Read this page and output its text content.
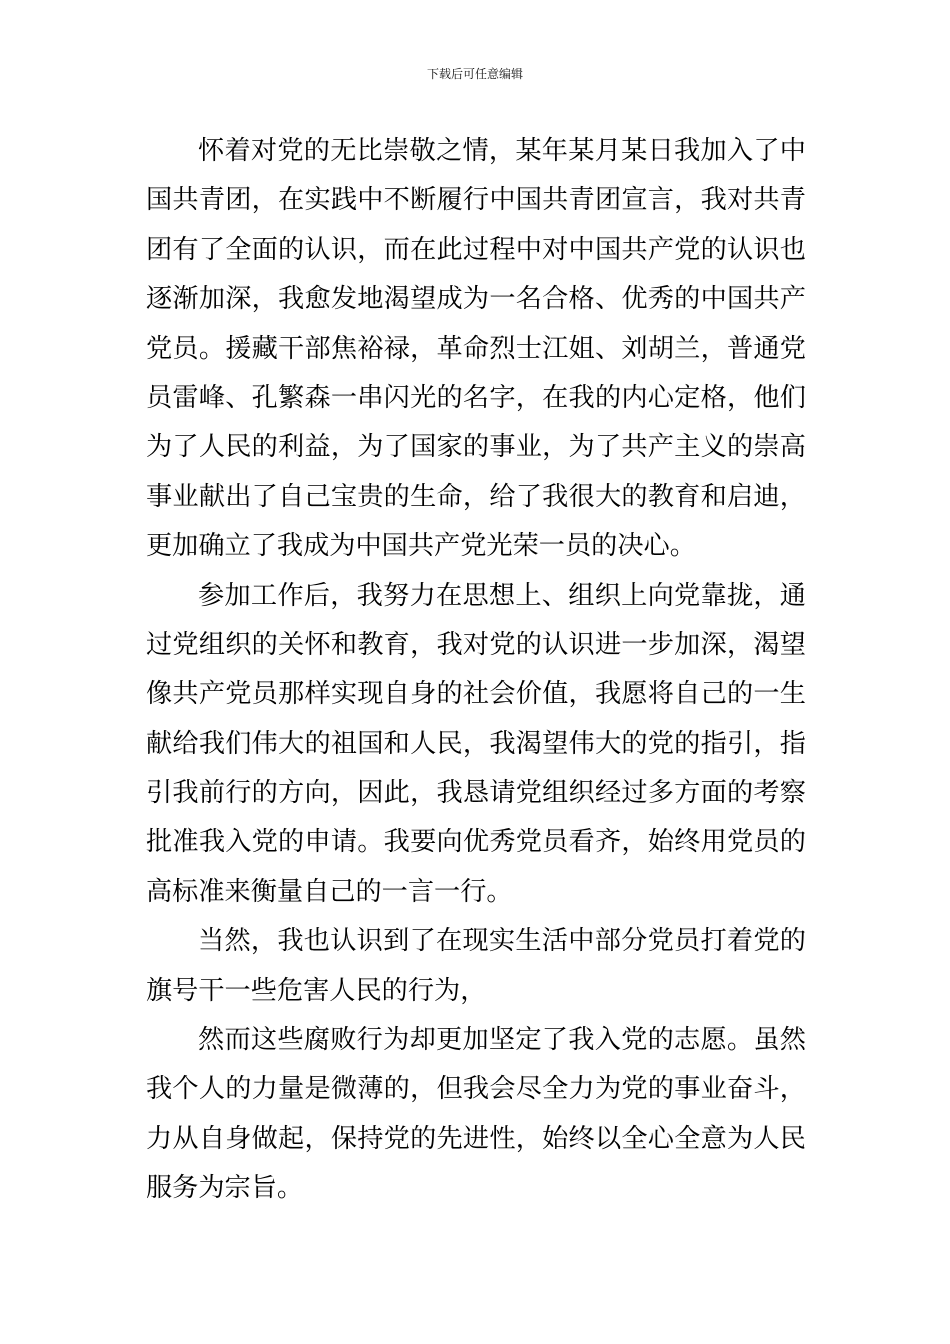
下载后可任意编辑
怀着对党的无比崇敬之情，某年某月某日我加入了中
国共青团，在实践中不断履行中国共青团宣言，我对共青
团有了全面的认识，而在此过程中对中国共产党的认识也
逐渐加深，我愈发地渴望成为一名合格、优秀的中国共产
党员。援藏干部焦裕禄，革命烈士江姐、刘胡兰，普通党
员雷峰、孔繁森一串闪光的名字，在我的内心定格，他们
为了人民的利益，为了国家的事业，为了共产主义的崇高
事业献出了自己宝贵的生命，给了我很大的教育和启迪，
更加确立了我成为中国共产党光荣一员的决心。
参加工作后，我努力在思想上、组织上向党靠拢，通
过党组织的关怀和教育，我对党的认识进一步加深，渴望
像共产党员那样实现自身的社会价值，我愿将自己的一生
献给我们伟大的祖国和人民，我渴望伟大的党的指引，指
引我前行的方向，因此，我恳请党组织经过多方面的考察
批准我入党的申请。我要向优秀党员看齐，始终用党员的
高标准来衡量自己的一言一行。
当然，我也认识到了在现实生活中部分党员打着党的
旗号干一些危害人民的行为，
然而这些腐败行为却更加坚定了我入党的志愿。虽然
我个人的力量是微薄的，但我会尽全力为党的事业奋斗，
力从自身做起，保持党的先进性，始终以全心全意为人民
服务为宗旨。
